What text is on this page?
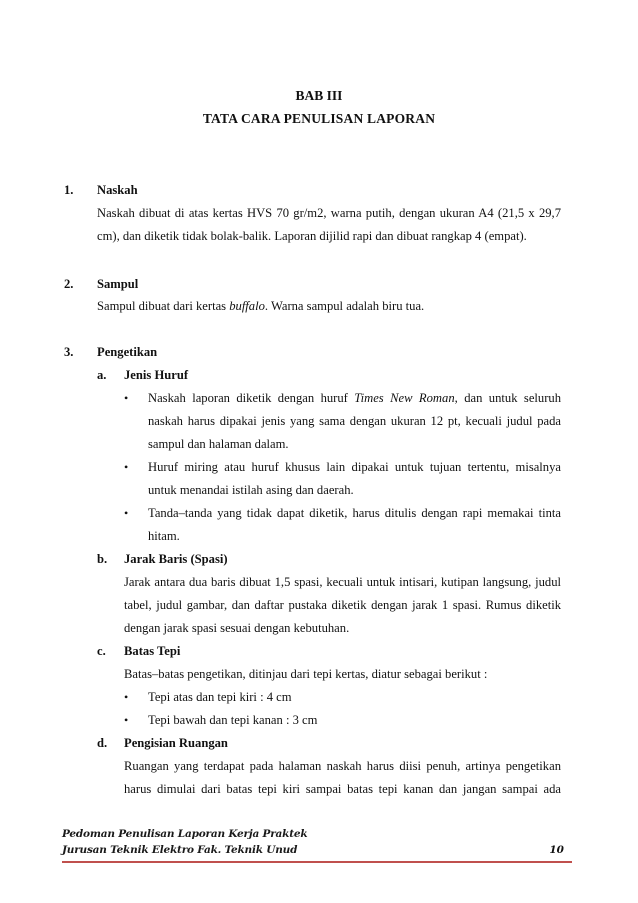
BAB III
TATA CARA PENULISAN LAPORAN
1. Naskah
Naskah dibuat di atas kertas HVS 70 gr/m2, warna putih, dengan ukuran A4 (21,5 x 29,7
cm), dan diketik tidak bolak-balik. Laporan dijilid rapi dan dibuat rangkap 4 (empat).
2. Sampul
Sampul dibuat dari kertas buffalo. Warna sampul adalah biru tua.
3. Pengetikan
a. Jenis Huruf
• Naskah laporan diketik dengan huruf Times New Roman, dan untuk seluruh
naskah harus dipakai jenis yang sama dengan ukuran 12 pt, kecuali judul pada
sampul dan halaman dalam.
• Huruf miring atau huruf khusus lain dipakai untuk tujuan tertentu, misalnya
untuk menandai istilah asing dan daerah.
• Tanda–tanda yang tidak dapat diketik, harus ditulis dengan rapi memakai tinta
hitam.
b. Jarak Baris (Spasi)
Jarak antara dua baris dibuat 1,5 spasi, kecuali untuk intisari, kutipan langsung, judul
tabel, judul gambar, dan daftar pustaka diketik dengan jarak 1 spasi. Rumus diketik
dengan jarak spasi sesuai dengan kebutuhan.
c. Batas Tepi
Batas–batas pengetikan, ditinjau dari tepi kertas, diatur sebagai berikut :
• Tepi atas dan tepi kiri : 4 cm
• Tepi bawah dan tepi kanan : 3 cm
d. Pengisian Ruangan
Ruangan yang terdapat pada halaman naskah harus diisi penuh, artinya pengetikan
harus dimulai dari batas tepi kiri sampai batas tepi kanan dan jangan sampai ada
Pedoman Penulisan Laporan Kerja Praktek
Jurusan Teknik Elektro Fak. Teknik Unud	10
